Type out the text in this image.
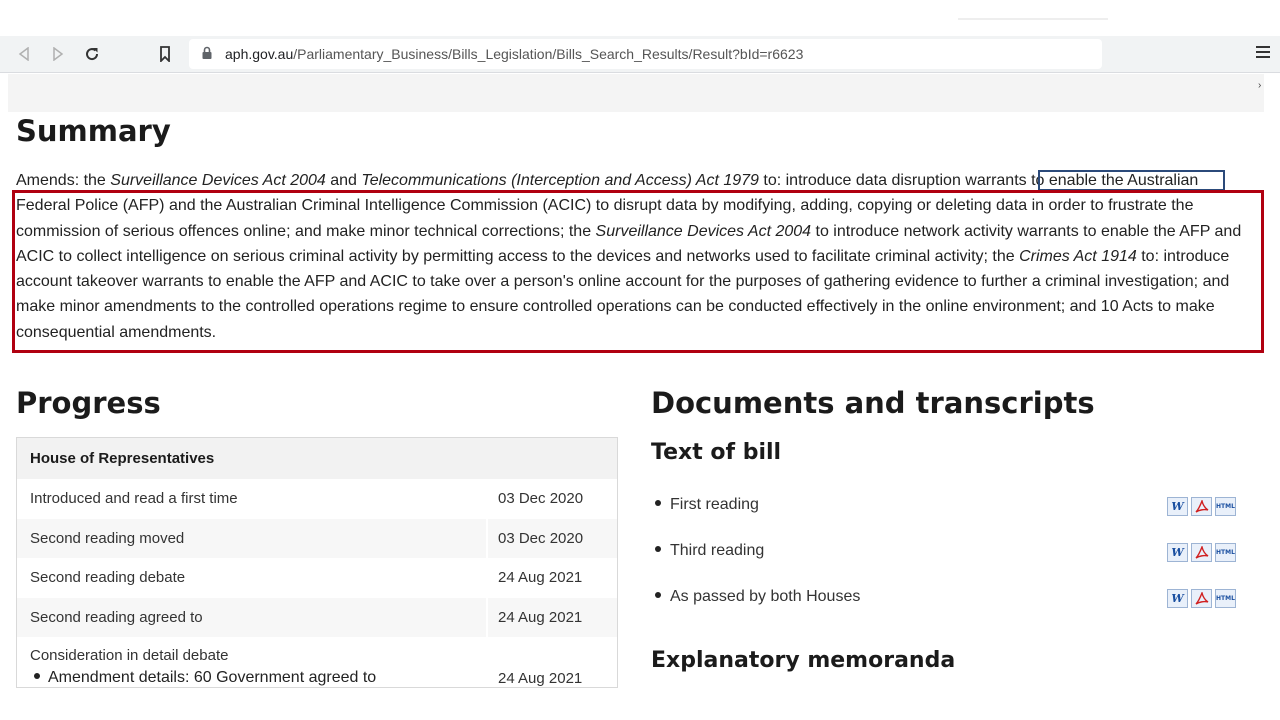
aph.gov.au/Parliamentary_Business/Bills_Legislation/Bills_Search_Results/Result?bId=r6623
›
Summary

Amends: the Surveillance Devices Act 2004 and Telecommunications (Interception and Access) Act 1979 to: introduce data disruption warrants to enable the Australian Federal Police (AFP) and the Australian Criminal Intelligence Commission (ACIC) to disrupt data by modifying, adding, copying or deleting data in order to frustrate the commission of serious offences online; and make minor technical corrections; the Surveillance Devices Act 2004 to introduce network activity warrants to enable the AFP and ACIC to collect intelligence on serious criminal activity by permitting access to the devices and networks used to facilitate criminal activity; the Crimes Act 1914 to: introduce account takeover warrants to enable the AFP and ACIC to take over a person's online account for the purposes of gathering evidence to further a criminal investigation; and make minor amendments to the controlled operations regime to ensure controlled operations can be conducted effectively in the online environment; and 10 Acts to make consequential amendments.

Progress
House of Representatives
Introduced and read a first time	03 Dec 2020
Second reading moved	03 Dec 2020
Second reading debate	24 Aug 2021
Second reading agreed to	24 Aug 2021
Consideration in detail debate
Amendment details: 60 Government agreed to	24 Aug 2021
Documents and transcripts
Text of bill
First reading	W	HTML
Third reading	W	HTML
As passed by both Houses	W	HTML
Explanatory memoranda
